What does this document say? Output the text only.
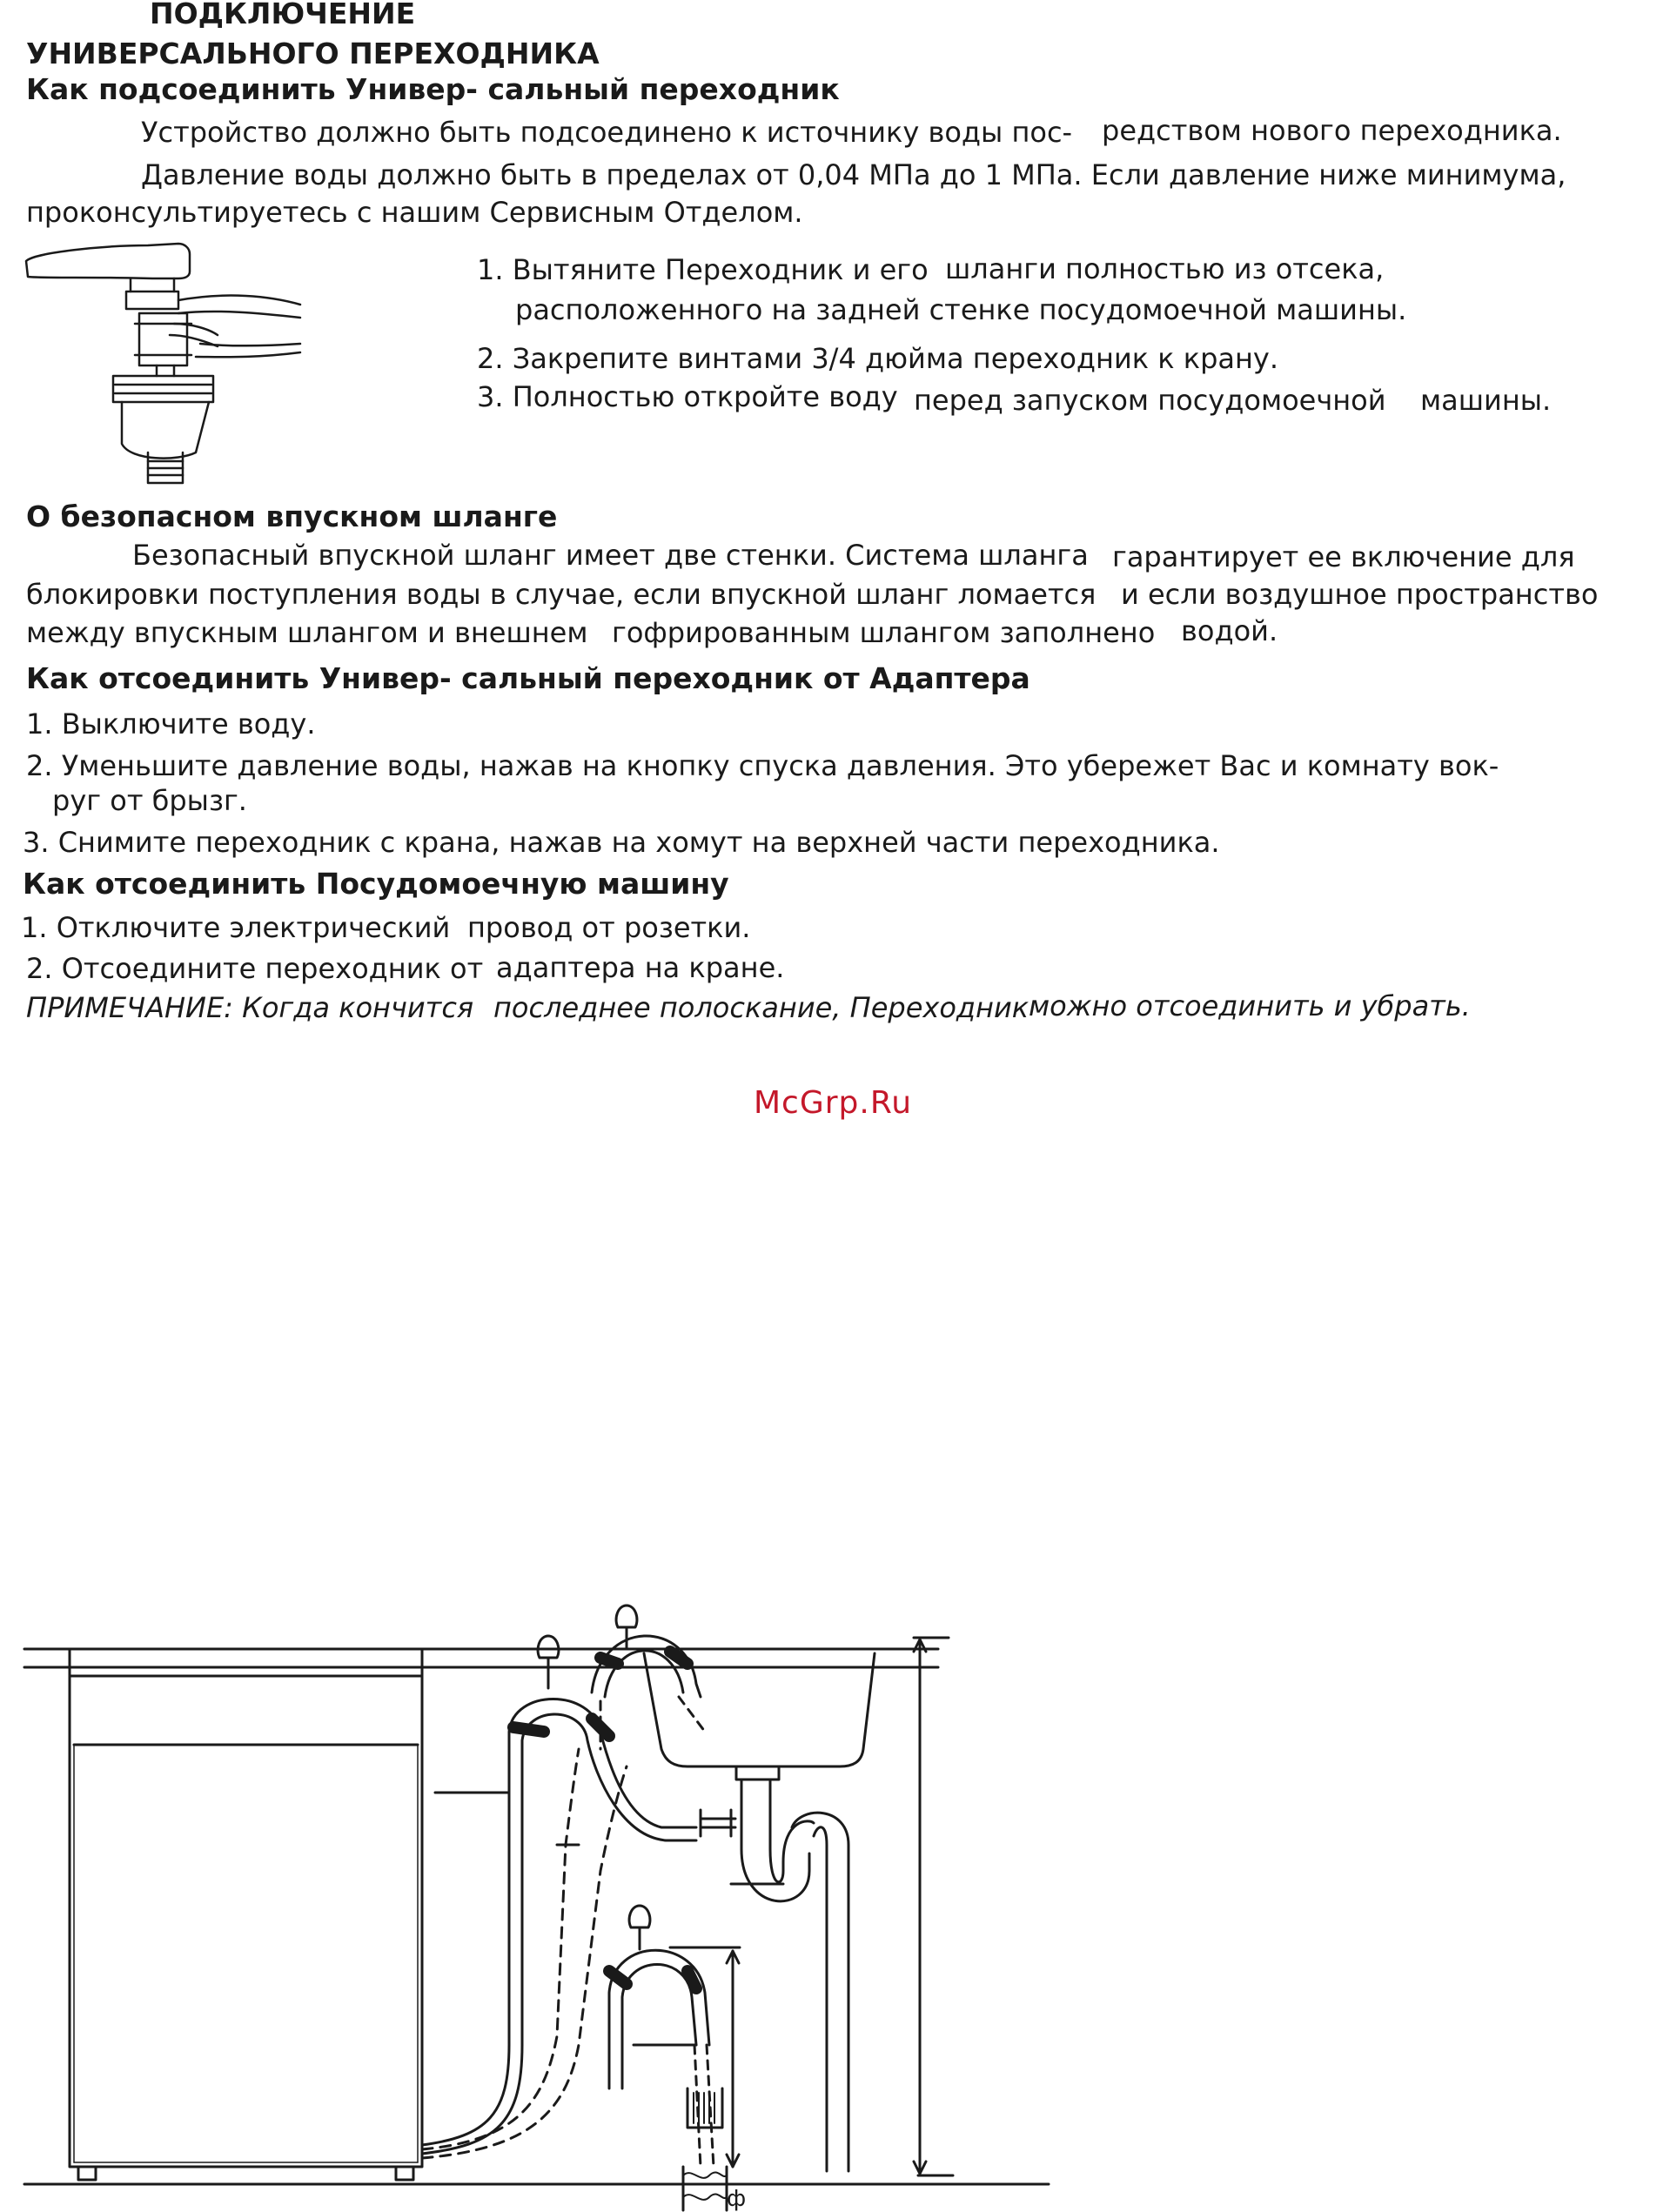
ПОДКЛЮЧЕНИЕ
УНИВЕРСАЛЬНОГО ПЕРЕХОДНИКА
Как подсоединить Универ- сальный переходник
Устройство должно быть подсоединено к источнику воды пос- редством нового переходника.
Давление воды должно быть в пределах от 0,04 МПа до 1 МПа. Если давление ниже минимума,
проконсультируетесь с нашим Сервисным Отделом.
1. Вытяните Переходник и его шланги полностью из отсека,
расположенного на задней стенке посудомоечной машины.
2. Закрепите винтами 3/4 дюйма переходник к крану.
3. Полностью откройте воду перед запуском посудомоечной машины.
О безопасном впускном шланге
Безопасный впускной шланг имеет две стенки. Система шланга гарантирует ее включение для
блокировки поступления воды в случае, если впускной шланг ломается и если воздушное пространство
между впускным шлангом и внешнем гофрированным шлангом заполнено водой.
Как отсоединить Универ- сальный переходник от Адаптера
1. Выключите воду.
2. Уменьшите давление воды, нажав на кнопку спуска давления. Это убережет Вас и комнату вок-
руг от брызг.
3. Снимите переходник с крана, нажав на хомут на верхней части переходника.
Как отсоединить Посудомоечную машину
1. Отключите электрический провод от розетки.
2. Отсоедините переходник от адаптера на кране.
ПРИМЕЧАНИЕ: Когда кончится последнее полоскание, Переходник можно отсоединить и убрать.
McGrp.Ru
ф
